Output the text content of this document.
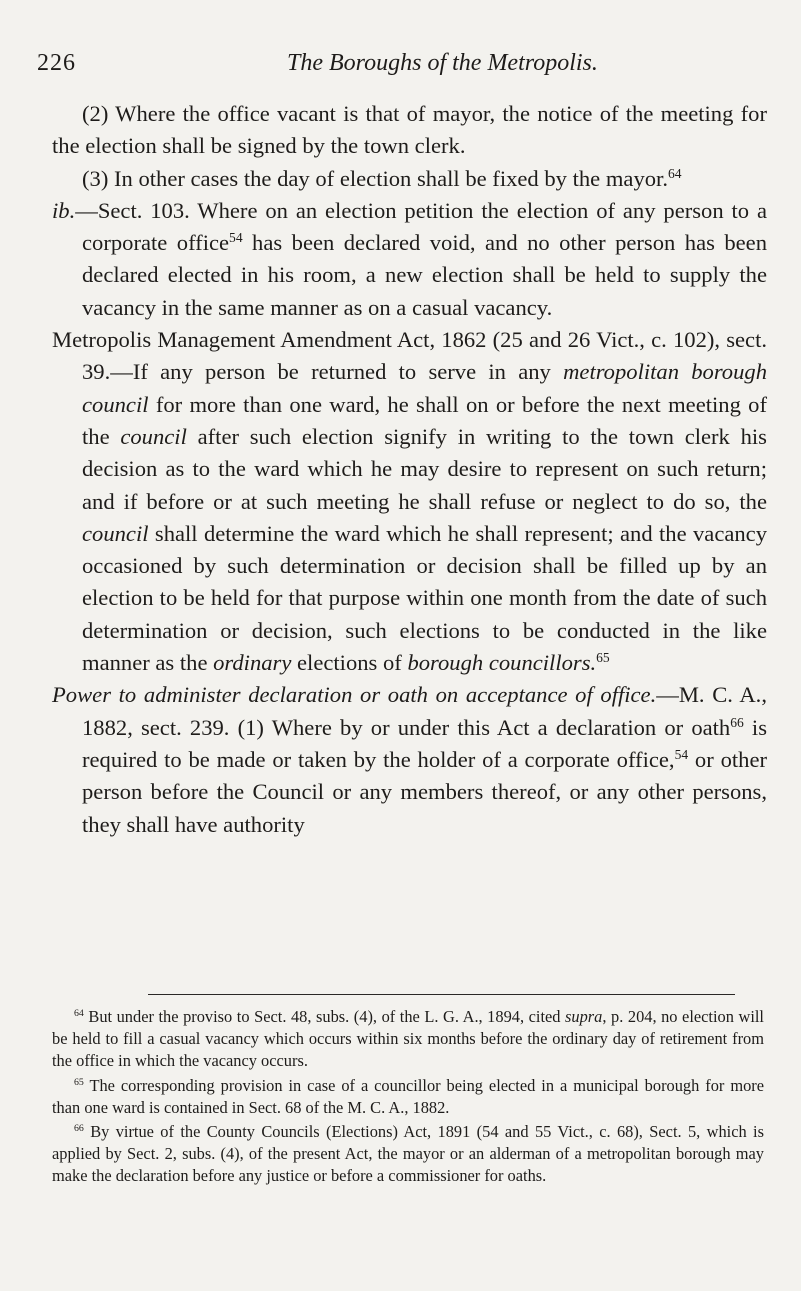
226	The Boroughs of the Metropolis.

(2) Where the office vacant is that of mayor, the notice of the meeting for the election shall be signed by the town clerk.

(3) In other cases the day of election shall be fixed by the mayor.$^{64}$

ib.—Sect. 103. Where on an election petition the election of any person to a corporate office$^{54}$ has been declared void, and no other person has been declared elected in his room, a new election shall be held to supply the vacancy in the same manner as on a casual vacancy.

Metropolis Management Amendment Act, 1862 (25 and 26 Vict., c. 102), sect. 39.—If any person be returned to serve in any metropolitan borough council for more than one ward, he shall on or before the next meeting of the council after such election signify in writing to the town clerk his decision as to the ward which he may desire to represent on such return; and if before or at such meeting he shall refuse or neglect to do so, the council shall determine the ward which he shall represent; and the vacancy occasioned by such determination or decision shall be filled up by an election to be held for that purpose within one month from the date of such determination or decision, such elections to be conducted in the like manner as the ordinary elections of borough councillors.$^{65}$

Power to administer declaration or oath on acceptance of office.—M. C. A., 1882, sect. 239. (1) Where by or under this Act a declaration or oath$^{66}$ is required to be made or taken by the holder of a corporate office,$^{54}$ or other person before the Council or any members thereof, or any other persons, they shall have authority

$^{64}$ But under the proviso to Sect. 48, subs. (4), of the L. G. A., 1894, cited supra, p. 204, no election will be held to fill a casual vacancy which occurs within six months before the ordinary day of retirement from the office in which the vacancy occurs.

$^{65}$ The corresponding provision in case of a councillor being elected in a municipal borough for more than one ward is contained in Sect. 68 of the M. C. A., 1882.

$^{66}$ By virtue of the County Councils (Elections) Act, 1891 (54 and 55 Vict., c. 68), Sect. 5, which is applied by Sect. 2, subs. (4), of the present Act, the mayor or an alderman of a metropolitan borough may make the declaration before any justice or before a commissioner for oaths.
